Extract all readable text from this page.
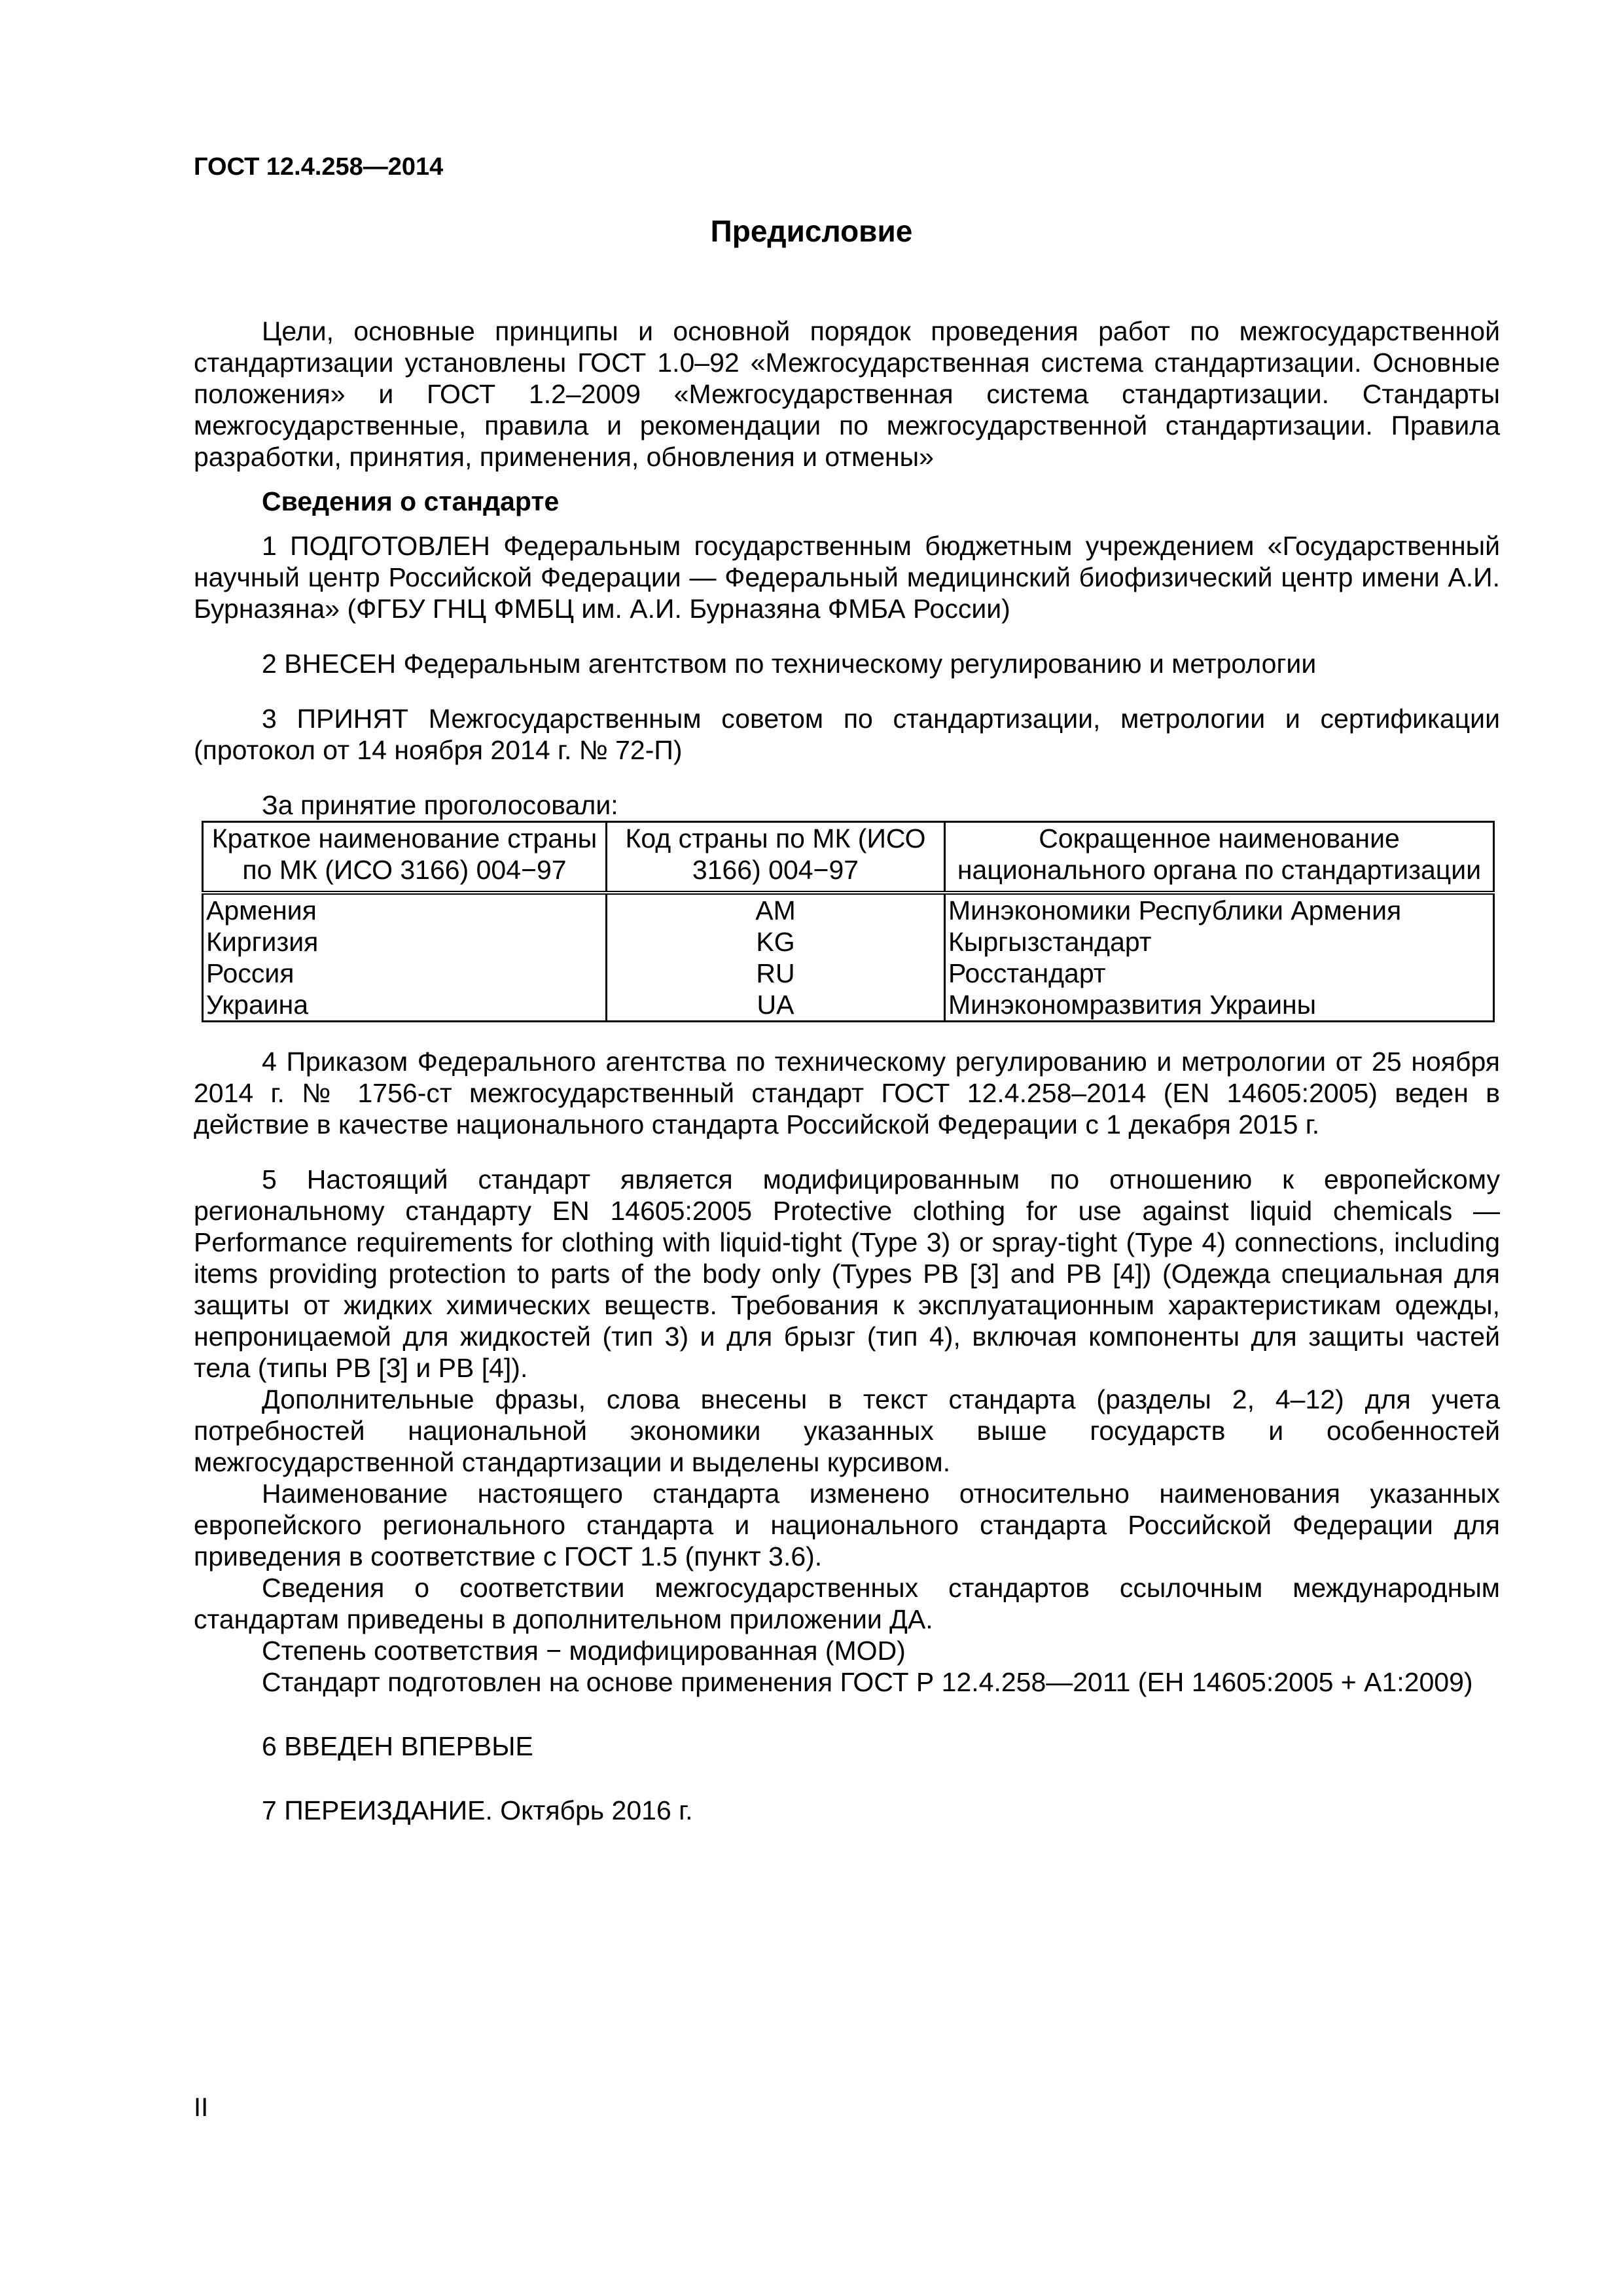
ГОСТ 12.4.258—2014
Предисловие

Цели, основные принципы и основной порядок проведения работ по межгосударственной стандартизации установлены ГОСТ 1.0–92 «Межгосударственная система стандартизации. Основные положения» и ГОСТ 1.2–2009 «Межгосударственная система стандартизации. Стандарты межгосударственные, правила и рекомендации по межгосударственной стандартизации. Правила разработки, принятия, применения, обновления и отмены»

Сведения о стандарте

1 ПОДГОТОВЛЕН Федеральным государственным бюджетным учреждением «Государственный научный центр Российской Федерации — Федеральный медицинский биофизический центр имени А.И. Бурназяна» (ФГБУ ГНЦ ФМБЦ им. А.И. Бурназяна ФМБА России)

2 ВНЕСЕН Федеральным агентством по техническому регулированию и метрологии

3 ПРИНЯТ Межгосударственным советом по стандартизации, метрологии и сертификации (протокол от 14 ноября 2014 г. № 72-П)

За принятие проголосовали:

Краткое наименование страны по МК (ИСО 3166) 004−97	Код страны по МК (ИСО 3166) 004−97	Сокращенное наименование национального органа по стандартизации
Армения	AM	Минэкономики Республики Армения
Киргизия	KG	Кыргызстандарт
Россия	RU	Росстандарт
Украина	UA	Минэкономразвития Украины

4 Приказом Федерального агентства по техническому регулированию и метрологии от 25 ноября 2014 г. № 1756-ст межгосударственный стандарт ГОСТ 12.4.258–2014 (EN 14605:2005) веден в действие в качестве национального стандарта Российской Федерации с 1 декабря 2015 г.

5 Настоящий стандарт является модифицированным по отношению к европейскому региональному стандарту EN 14605:2005 Protective clothing for use against liquid chemicals — Performance requirements for clothing with liquid-tight (Type 3) or spray-tight (Type 4) connections, including items providing protection to parts of the body only (Types PB [3] and PB [4]) (Одежда специальная для защиты от жидких химических веществ. Требования к эксплуатационным характеристикам одежды, непроницаемой для жидкостей (тип 3) и для брызг (тип 4), включая компоненты для защиты частей тела (типы PB [3] и PB [4]).

Дополнительные фразы, слова внесены в текст стандарта (разделы 2, 4–12) для учета потребностей национальной экономики указанных выше государств и особенностей межгосударственной стандартизации и выделены курсивом.

Наименование настоящего стандарта изменено относительно наименования указанных европейского регионального стандарта и национального стандарта Российской Федерации для приведения в соответствие с ГОСТ 1.5 (пункт 3.6).

Сведения о соответствии межгосударственных стандартов ссылочным международным стандартам приведены в дополнительном приложении ДА.

Степень соответствия − модифицированная (MOD)

Стандарт подготовлен на основе применения ГОСТ Р 12.4.258—2011 (ЕН 14605:2005 + А1:2009)

6 ВВЕДЕН ВПЕРВЫЕ

7 ПЕРЕИЗДАНИЕ. Октябрь 2016 г.

II
